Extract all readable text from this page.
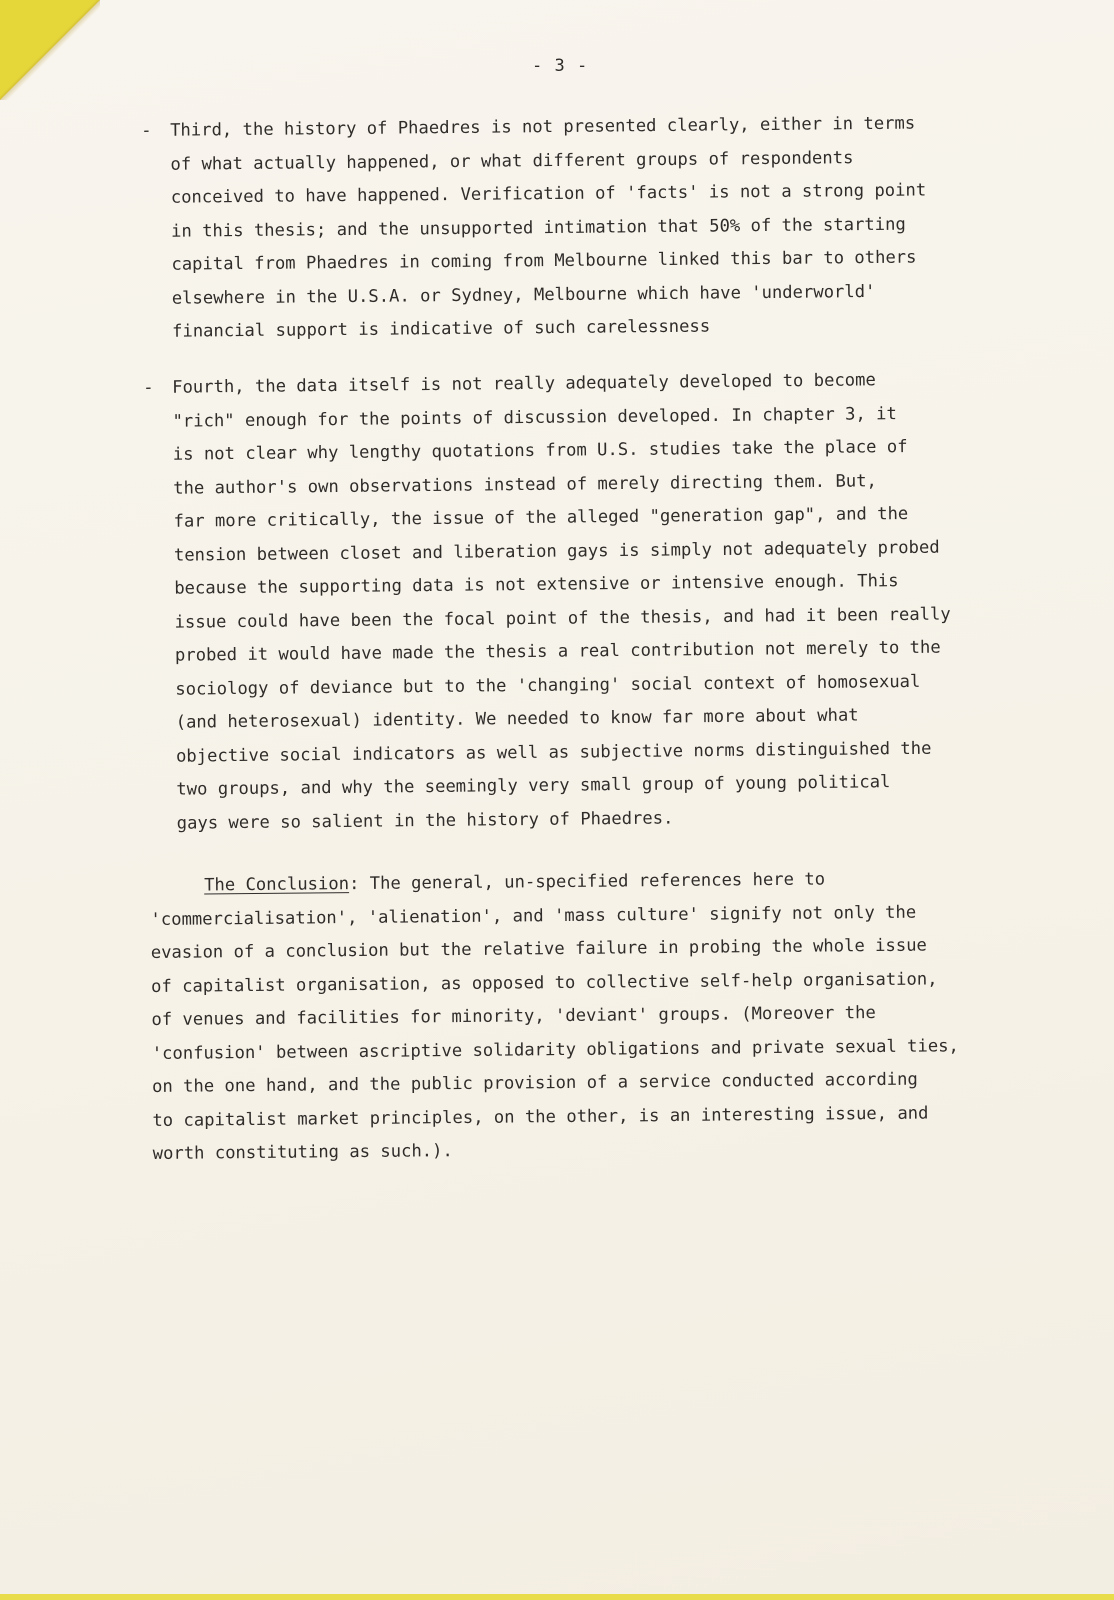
- 3 -
- Third, the history of Phaedres is not presented clearly, either in terms
of what actually happened, or what different groups of respondents
conceived to have happened. Verification of 'facts' is not a strong point
in this thesis; and the unsupported intimation that 50% of the starting
capital from Phaedres in coming from Melbourne linked this bar to others
elsewhere in the U.S.A. or Sydney, Melbourne which have 'underworld'
financial support is indicative of such carelessness
- Fourth, the data itself is not really adequately developed to become
"rich" enough for the points of discussion developed. In chapter 3, it
is not clear why lengthy quotations from U.S. studies take the place of
the author's own observations instead of merely directing them. But,
far more critically, the issue of the alleged "generation gap", and the
tension between closet and liberation gays is simply not adequately probed
because the supporting data is not extensive or intensive enough. This
issue could have been the focal point of the thesis, and had it been really
probed it would have made the thesis a real contribution not merely to the
sociology of deviance but to the 'changing' social context of homosexual
(and heterosexual) identity. We needed to know far more about what
objective social indicators as well as subjective norms distinguished the
two groups, and why the seemingly very small group of young political
gays were so salient in the history of Phaedres.
The Conclusion: The general, un-specified references here to
'commercialisation', 'alienation', and 'mass culture' signify not only the
evasion of a conclusion but the relative failure in probing the whole issue
of capitalist organisation, as opposed to collective self-help organisation,
of venues and facilities for minority, 'deviant' groups. (Moreover the
'confusion' between ascriptive solidarity obligations and private sexual ties,
on the one hand, and the public provision of a service conducted according
to capitalist market principles, on the other, is an interesting issue, and
worth constituting as such.).
